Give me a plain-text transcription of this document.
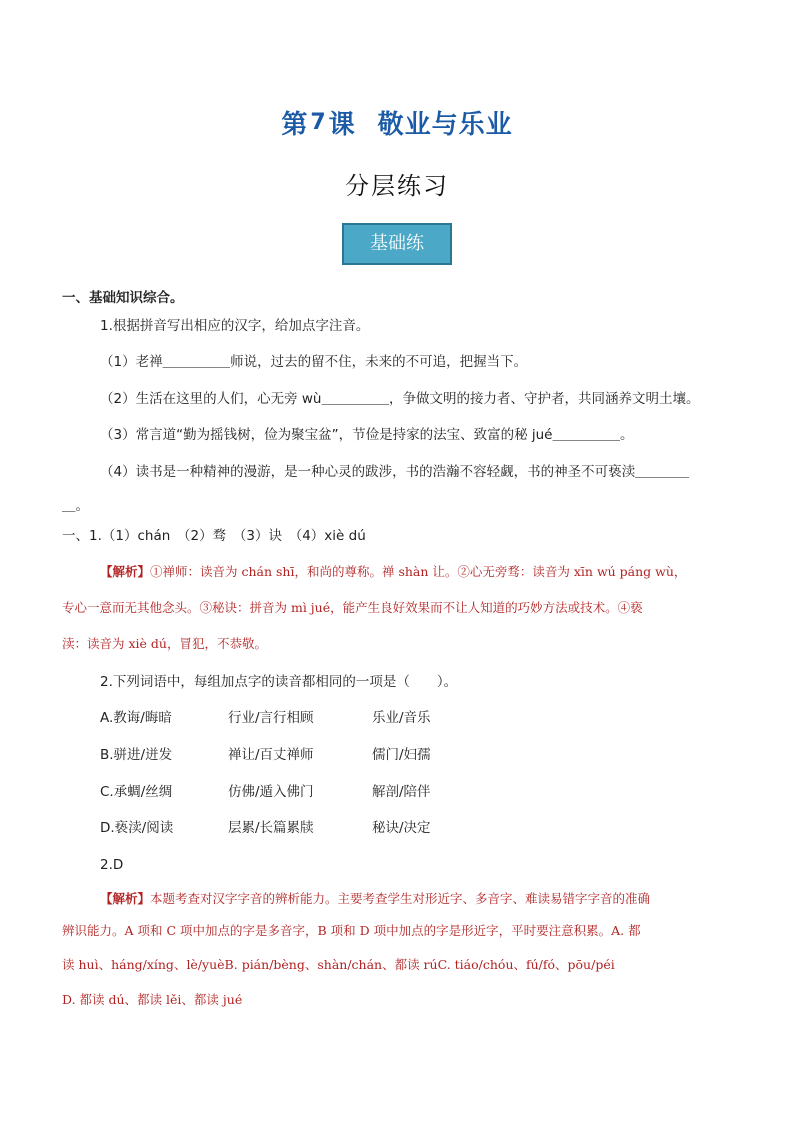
第7课 敬业与乐业
分层练习
基础练
一、基础知识综合。
1.根据拼音写出相应的汉字，给加点字注音。
（1）老禅＿＿＿＿＿师说，过去的留不住，未来的不可追，把握当下。
（2）生活在这里的人们，心无旁 wù＿＿＿＿＿，争做文明的接力者、守护者，共同涵养文明土壤。
（3）常言道“勤为摇钱树，俭为聚宝盆”，节俭是持家的法宝、致富的秘 jué＿＿＿＿＿。
（4）读书是一种精神的漫游，是一种心灵的跋涉，书的浩瀚不容轻觑，书的神圣不可亵渎＿＿＿＿
＿。
一、1.（1）chán　（2）骛　（3）诀　（4）xiè dú
【解析】①禅师：读音为 chán shī，和尚的尊称。禅 shàn 让。②心无旁骛：读音为 xīn wú páng wù，
专心一意而无其他念头。③秘诀：拼音为 mì jué，能产生良好效果而不让人知道的巧妙方法或技术。④亵
渎：读音为 xiè dú，冒犯，不恭敬。
2.下列词语中，每组加点字的读音都相同的一项是（　　）。
A.教诲/晦暗	行业/言行相顾	乐业/音乐
B.骈进/迸发	禅让/百丈禅师	儒门/妇孺
C.承蜩/丝绸	仿佛/遁入佛门	解剖/陪伴
D.亵渎/阅读	层累/长篇累牍	秘诀/决定
2.D
【解析】本题考查对汉字字音的辨析能力。主要考查学生对形近字、多音字、难读易错字字音的准确
辨识能力。A 项和 C 项中加点的字是多音字，B 项和 D 项中加点的字是形近字，平时要注意积累。A. 都
读 huì、háng/xíng、lè/yuèB. pián/bèng、shàn/chán、都读 rúC. tiáo/chóu、fú/fó、pōu/péi
D. 都读 dú、都读 lěi、都读 jué
